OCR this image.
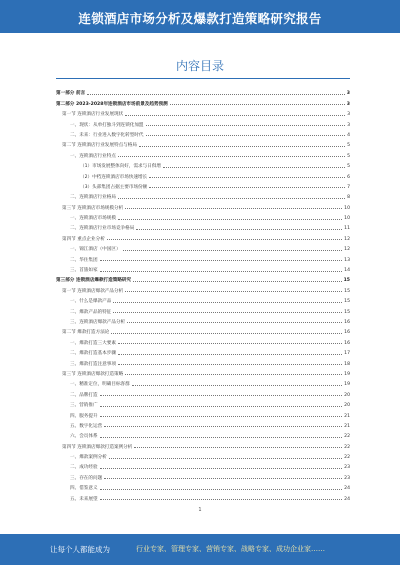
连锁酒店市场分析及爆款打造策略研究报告
内容目录
第一部分 前言	3
第二部分 2023-2028年连锁酒店市场前景及趋势预测	3
第一节 连锁酒店行业发展现状	3
一、现状：从单打独斗到连锁化加盟	3
二、未来：行业进入数字化转型时代	4
第二节 连锁酒店行业发展特点与格局	5
一、连锁酒店行业特点	5
（1）市场发展整体向好，需求与日俱增	5
（2）中档连锁酒店市场快速增长	6
（3）头部集团占据主要市场份额	7
二、连锁酒店行业格局	8
第三节 连锁酒店市场规模分析	10
一、连锁酒店市场规模	10
二、连锁酒店行业市场竞争格局	11
第四节 重点企业分析	12
一、锦江酒店（中国区）	12
二、华住集团	13
三、首旅如家	14
第三部分 连锁酒店爆款打造策略研究	15
第一节 连锁酒店爆款产品分析	15
一、什么是爆款产品	15
二、爆款产品的特征	15
三、连锁酒店爆款产品分析	16
第二节 爆款打造方法论	16
一、爆款打造三大要素	16
二、爆款打造基本步骤	17
三、爆款打造注意事项	18
第三节 连锁酒店爆款打造策略	19
一、精准定位，明确目标客群	19
二、品牌打造	20
三、营销推广	20
四、服务提升	21
五、数字化运营	21
六、会员体系	22
第四节 连锁酒店爆款打造案例分析	22
一、爆款案例分析	22
二、成功经验	23
三、存在的问题	23
四、借鉴意义	24
五、未来展望	24
1
让每个人都能成为	行业专家、管理专家、营销专家、战略专家、成功企业家……
